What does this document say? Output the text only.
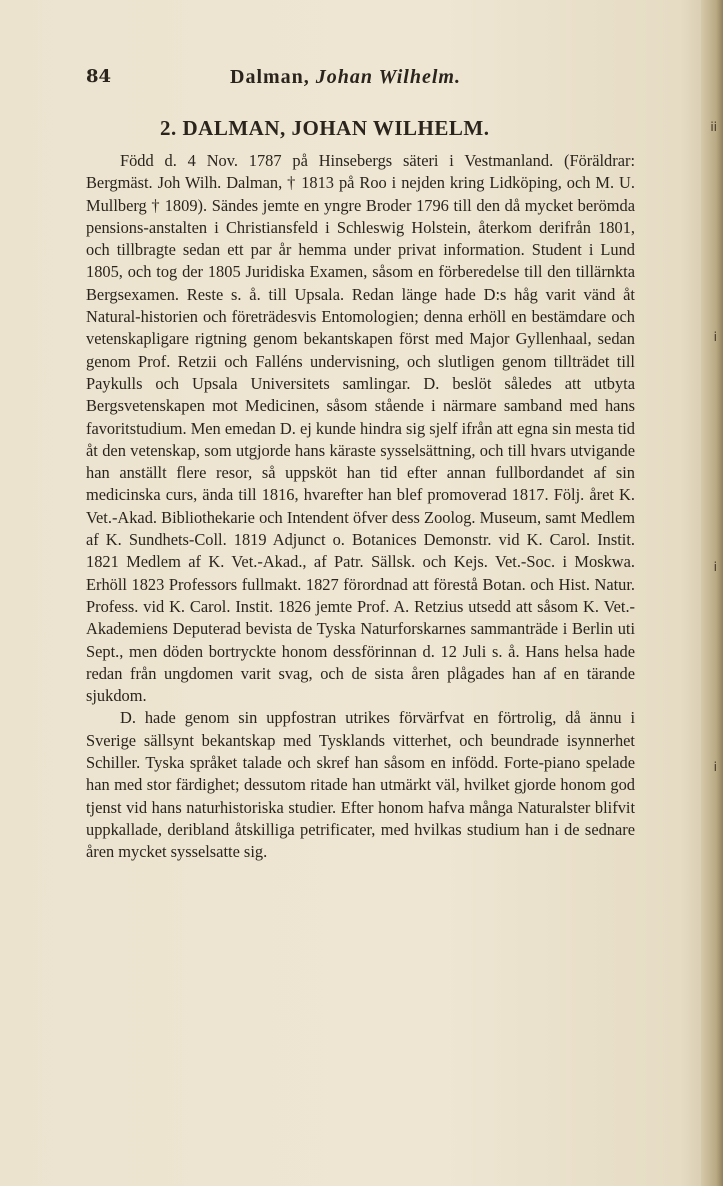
84	Dalman, Johan Wilhelm.
2. DALMAN, JOHAN WILHELM.

Född d. 4 Nov. 1787 på Hinsebergs säteri i Vestmanland. (Föräldrar: Bergmäst. Joh Wilh. Dalman, † 1813 på Roo i nejden kring Lidköping, och M. U. Mullberg † 1809). Sändes jemte en yngre Broder 1796 till den då mycket berömda pensions-anstalten i Christiansfeld i Schleswig Holstein, återkom derifrån 1801, och tillbragte sedan ett par år hemma under privat information. Student i Lund 1805, och tog der 1805 Juridiska Examen, såsom en förberedelse till den tillärnkta Bergsexamen. Reste s. å. till Upsala. Redan länge hade D:s håg varit vänd åt Natural-historien och företrädesvis Entomologien; denna erhöll en bestämdare och vetenskapligare rigtning genom bekantskapen först med Major Gyllenhaal, sedan genom Prof. Retzii och Falléns undervisning, och slutligen genom tillträdet till Paykulls och Upsala Universitets samlingar. D. beslöt således att utbyta Bergsvetenskapen mot Medicinen, såsom stående i närmare samband med hans favoritstudium. Men emedan D. ej kunde hindra sig sjelf ifrån att egna sin mesta tid åt den vetenskap, som utgjorde hans käraste sysselsättning, och till hvars utvigande han anställt flere resor, så uppsköt han tid efter annan fullbordandet af sin medicinska curs, ända till 1816, hvarefter han blef promoverad 1817. Följ. året K. Vet.-Akad. Bibliothekarie och Intendent öfver dess Zoolog. Museum, samt Medlem af K. Sundhets-Coll. 1819 Adjunct o. Botanices Demonstr. vid K. Carol. Instit. 1821 Medlem af K. Vet.-Akad., af Patr. Sällsk. och Kejs. Vet.-Soc. i Moskwa. Erhöll 1823 Professors fullmakt. 1827 förordnad att förestå Botan. och Hist. Natur. Profess. vid K. Carol. Instit. 1826 jemte Prof. A. Retzius utsedd att såsom K. Vet.-Akademiens Deputerad bevista de Tyska Naturforskarnes sammanträde i Berlin uti Sept., men döden bortryckte honom dessförinnan d. 12 Juli s. å. Hans helsa hade redan från ungdomen varit svag, och de sista åren plågades han af en tärande sjukdom.

D. hade genom sin uppfostran utrikes förvärfvat en förtrolig, då ännu i Sverige sällsynt bekantskap med Tysklands vitterhet, och beundrade isynnerhet Schiller. Tyska språket talade och skref han såsom en infödd. Forte-piano spelade han med stor färdighet; dessutom ritade han utmärkt väl, hvilket gjorde honom god tjenst vid hans naturhistoriska studier. Efter honom hafva många Naturalster blifvit uppkallade, deribland åtskilliga petrificater, med hvilkas studium han i de sednare åren mycket sysselsatte sig.

ii
i
i
i
